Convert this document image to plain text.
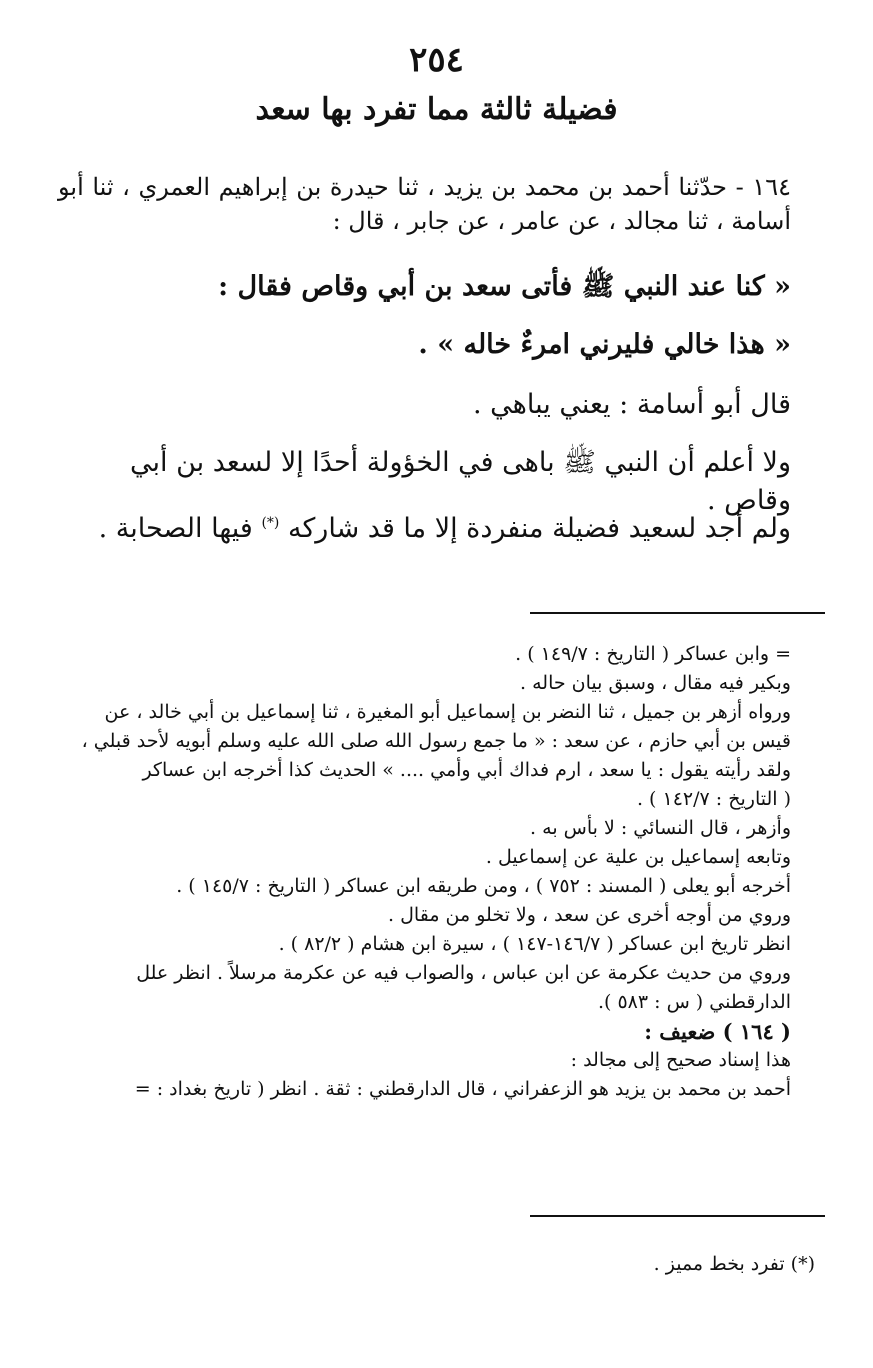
٢٥٤
فضيلة ثالثة مما تفرد بها سعد
١٦٤ - حدّثنا أحمد بن محمد بن يزيد ، ثنا حيدرة بن إبراهيم العمري ، ثنا أبو أسامة ، ثنا مجالد ، عن عامر ، عن جابر ، قال :
« كنا عند النبي ﷺ فأتى سعد بن أبي وقاص فقال :
« هذا خالي فليرني امرءٌ خاله » .
قال أبو أسامة : يعني يباهي .
ولا أعلم أن النبي ﷺ باهى في الخؤولة أحدًا إلا لسعد بن أبي وقاص .
ولم أجد لسعيد فضيلة منفردة إلا ما قد شاركه (*) فيها الصحابة .
= وابن عساكر ( التاريخ : ١٤٩/٧ ) .
وبكير فيه مقال ، وسبق بيان حاله .
ورواه أزهر بن جميل ، ثنا النضر بن إسماعيل أبو المغيرة ، ثنا إسماعيل بن أبي خالد ، عن
قيس بن أبي حازم ، عن سعد : « ما جمع رسول الله صلى الله عليه وسلم أبويه لأحد قبلي ،
ولقد رأيته يقول : يا سعد ، ارم فداك أبي وأمي .... » الحديث كذا أخرجه ابن عساكر
( التاريخ : ١٤٢/٧ ) .
وأزهر ، قال النسائي : لا بأس به .
وتابعه إسماعيل بن علية عن إسماعيل .
أخرجه أبو يعلى ( المسند : ٧٥٢ ) ، ومن طريقه ابن عساكر ( التاريخ : ١٤٥/٧ ) .
وروي من أوجه أخرى عن سعد ، ولا تخلو من مقال .
انظر تاريخ ابن عساكر ( ١٤٦/٧-١٤٧ ) ، سيرة ابن هشام ( ٨٢/٢ ) .
وروي من حديث عكرمة عن ابن عباس ، والصواب فيه عن عكرمة مرسلاً . انظر علل
الدارقطني ( س : ٥٨٣ ).
( ١٦٤ ) ضعيف :
هذا إسناد صحيح إلى مجالد :
أحمد بن محمد بن يزيد هو الزعفراني ، قال الدارقطني : ثقة . انظر ( تاريخ بغداد : =
(*) تفرد بخط مميز .
